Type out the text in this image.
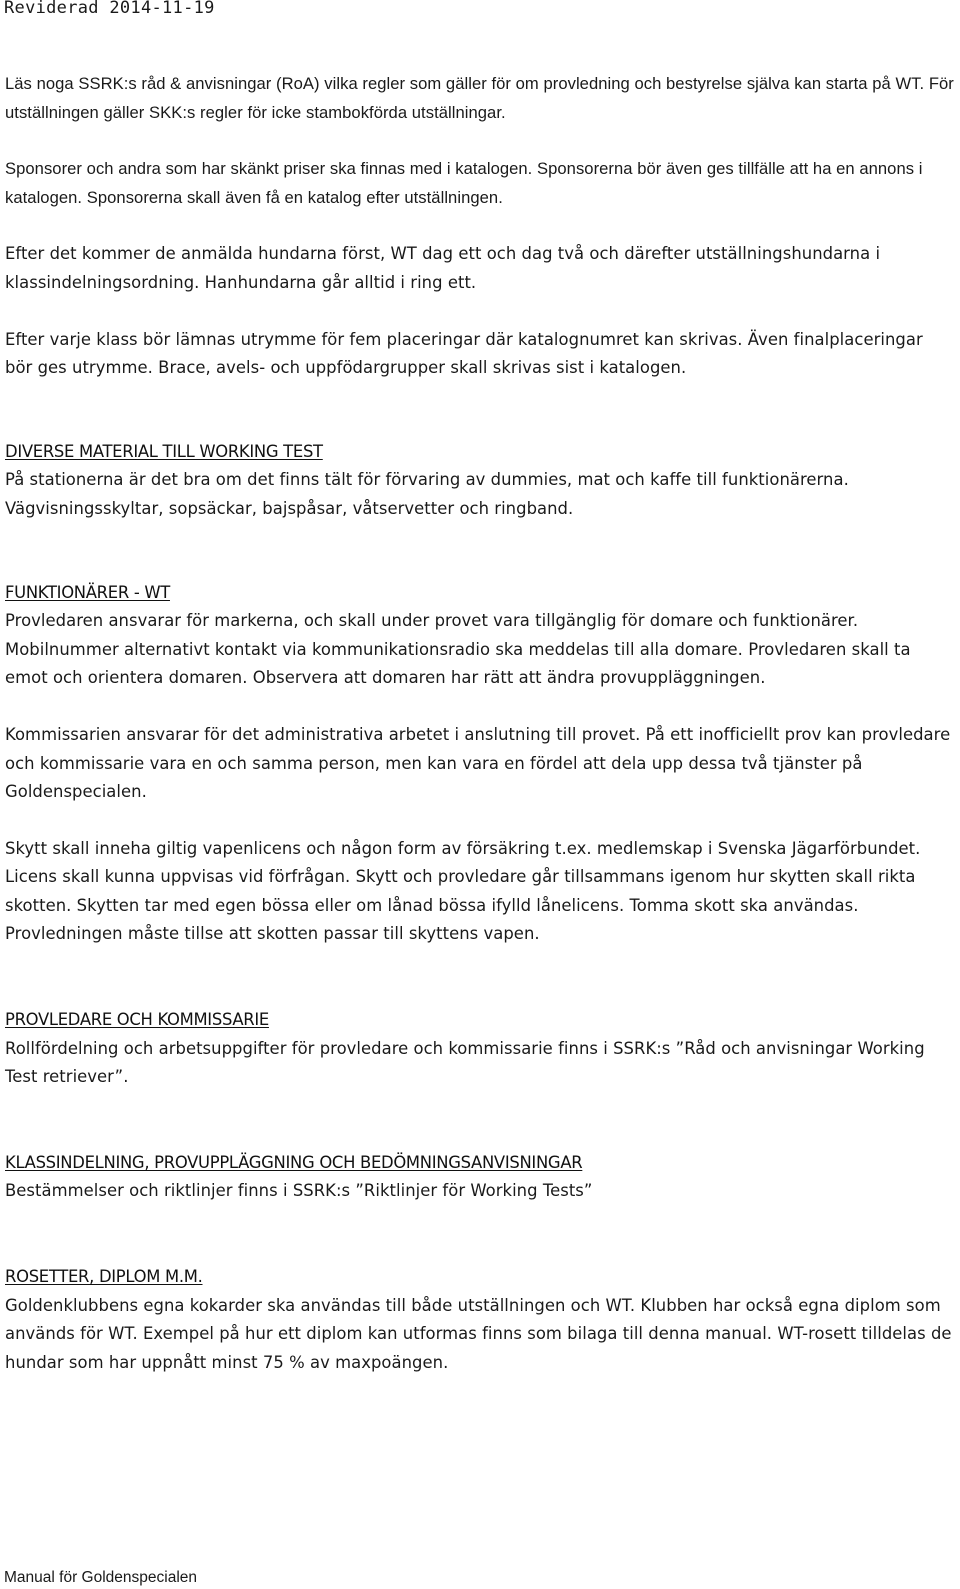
Reviderad 2014-11-19

Läs noga SSRK:s råd & anvisningar (RoA) vilka regler som gäller för om provledning och bestyrelse själva kan starta på WT. För utställningen gäller SKK:s regler för icke stambokförda utställningar.

Sponsorer och andra som har skänkt priser ska finnas med i katalogen. Sponsorerna bör även ges tillfälle att ha en annons i katalogen. Sponsorerna skall även få en katalog efter utställningen.

Efter det kommer de anmälda hundarna först, WT dag ett och dag två och därefter utställningshundarna i klassindelningsordning. Hanhundarna går alltid i ring ett.

Efter varje klass bör lämnas utrymme för fem placeringar där katalognumret kan skrivas. Även finalplaceringar bör ges utrymme. Brace, avels- och uppfödargrupper skall skrivas sist i katalogen.

DIVERSE MATERIAL TILL WORKING TEST

På stationerna är det bra om det finns tält för förvaring av dummies, mat och kaffe till funktionärerna. Vägvisningsskyltar, sopsäckar, bajspåsar, våtservetter och ringband.

FUNKTIONÄRER - WT

Provledaren ansvarar för markerna, och skall under provet vara tillgänglig för domare och funktionärer. Mobilnummer alternativt kontakt via kommunikationsradio ska meddelas till alla domare. Provledaren skall ta emot och orientera domaren. Observera att domaren har rätt att ändra provuppläggningen.

Kommissarien ansvarar för det administrativa arbetet i anslutning till provet. På ett inofficiellt prov kan provledare och kommissarie vara en och samma person, men kan vara en fördel att dela upp dessa två tjänster på Goldenspecialen.

Skytt skall inneha giltig vapenlicens och någon form av försäkring t.ex. medlemskap i Svenska Jägarförbundet. Licens skall kunna uppvisas vid förfrågan. Skytt och provledare går tillsammans igenom hur skytten skall rikta skotten. Skytten tar med egen bössa eller om lånad bössa ifylld lånelicens. Tomma skott ska användas. Provledningen måste tillse att skotten passar till skyttens vapen.

PROVLEDARE OCH KOMMISSARIE

Rollfördelning och arbetsuppgifter för provledare och kommissarie finns i SSRK:s ”Råd och anvisningar Working Test retriever”.

KLASSINDELNING, PROVUPPLÄGGNING OCH BEDÖMNINGSANVISNINGAR

Bestämmelser och riktlinjer finns i SSRK:s ”Riktlinjer för Working Tests”

ROSETTER, DIPLOM M.M.

Goldenklubbens egna kokarder ska användas till både utställningen och WT. Klubben har också egna diplom som används för WT. Exempel på hur ett diplom kan utformas finns som bilaga till denna manual. WT-rosett tilldelas de hundar som har uppnått minst 75 % av maxpoängen.

Manual för Goldenspecialen
